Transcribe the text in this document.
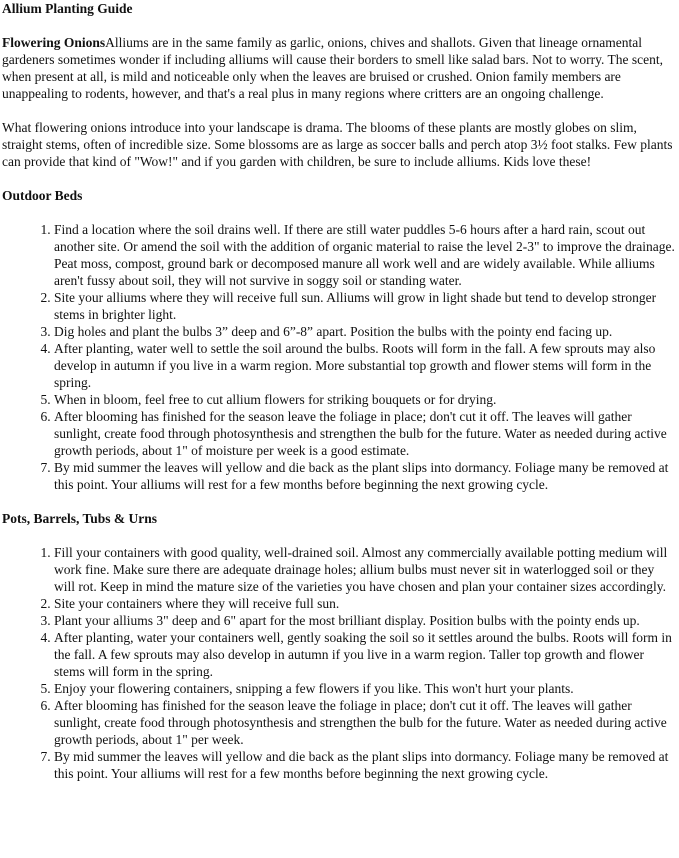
Allium Planting Guide

Flowering OnionsAlliums are in the same family as garlic, onions, chives and shallots. Given that lineage ornamental gardeners sometimes wonder if including alliums will cause their borders to smell like salad bars. Not to worry. The scent, when present at all, is mild and noticeable only when the leaves are bruised or crushed. Onion family members are unappealing to rodents, however, and that's a real plus in many regions where critters are an ongoing challenge.

What flowering onions introduce into your landscape is drama. The blooms of these plants are mostly globes on slim, straight stems, often of incredible size. Some blossoms are as large as soccer balls and perch atop 3½ foot stalks. Few plants can provide that kind of "Wow!" and if you garden with children, be sure to include alliums. Kids love these!

Outdoor Beds
1. Find a location where the soil drains well. If there are still water puddles 5-6 hours after a hard rain, scout out another site. Or amend the soil with the addition of organic material to raise the level 2-3" to improve the drainage. Peat moss, compost, ground bark or decomposed manure all work well and are widely available. While alliums aren't fussy about soil, they will not survive in soggy soil or standing water.
2. Site your alliums where they will receive full sun. Alliums will grow in light shade but tend to develop stronger stems in brighter light.
3. Dig holes and plant the bulbs 3” deep and 6”-8” apart. Position the bulbs with the pointy end facing up.
4. After planting, water well to settle the soil around the bulbs. Roots will form in the fall. A few sprouts may also develop in autumn if you live in a warm region. More substantial top growth and flower stems will form in the spring.
5. When in bloom, feel free to cut allium flowers for striking bouquets or for drying.
6. After blooming has finished for the season leave the foliage in place; don't cut it off. The leaves will gather sunlight, create food through photosynthesis and strengthen the bulb for the future. Water as needed during active growth periods, about 1" of moisture per week is a good estimate.
7. By mid summer the leaves will yellow and die back as the plant slips into dormancy. Foliage many be removed at this point. Your alliums will rest for a few months before beginning the next growing cycle.
Pots, Barrels, Tubs & Urns
1. Fill your containers with good quality, well-drained soil. Almost any commercially available potting medium will work fine. Make sure there are adequate drainage holes; allium bulbs must never sit in waterlogged soil or they will rot. Keep in mind the mature size of the varieties you have chosen and plan your container sizes accordingly.
2. Site your containers where they will receive full sun.
3. Plant your alliums 3" deep and 6" apart for the most brilliant display. Position bulbs with the pointy ends up.
4. After planting, water your containers well, gently soaking the soil so it settles around the bulbs. Roots will form in the fall. A few sprouts may also develop in autumn if you live in a warm region. Taller top growth and flower stems will form in the spring.
5. Enjoy your flowering containers, snipping a few flowers if you like. This won't hurt your plants.
6. After blooming has finished for the season leave the foliage in place; don't cut it off. The leaves will gather sunlight, create food through photosynthesis and strengthen the bulb for the future. Water as needed during active growth periods, about 1" per week.
7. By mid summer the leaves will yellow and die back as the plant slips into dormancy. Foliage many be removed at this point. Your alliums will rest for a few months before beginning the next growing cycle.
